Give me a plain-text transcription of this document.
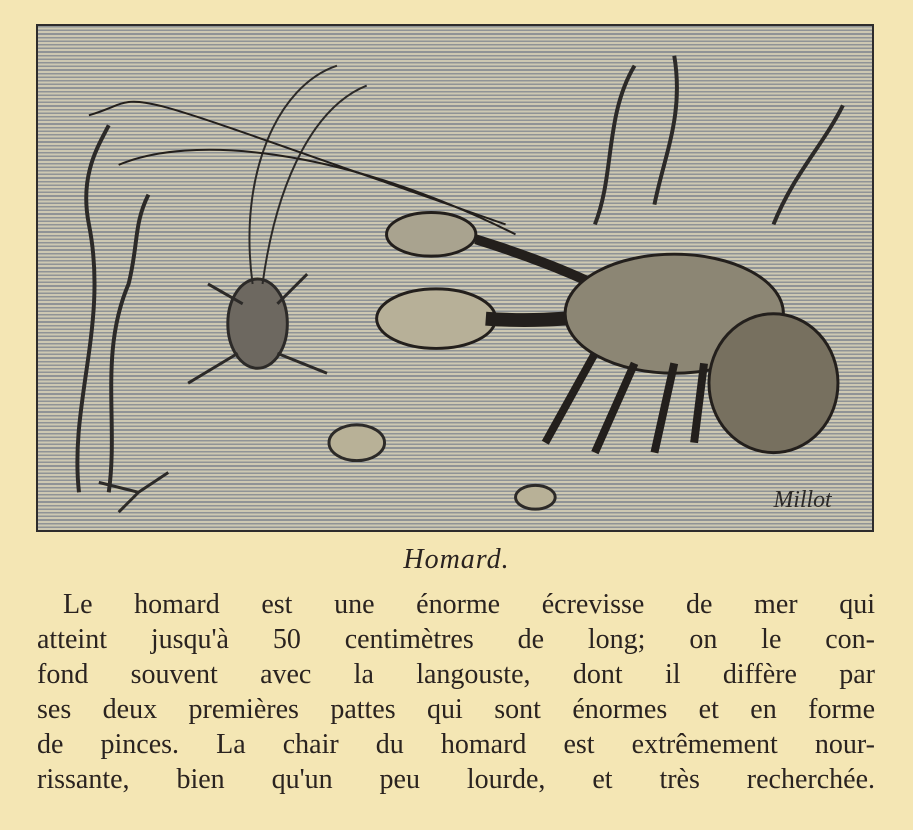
Millot
Homard.
Le homard est une énorme écrevisse de mer qui
atteint jusqu'à 50 centimètres de long; on le con-
fond souvent avec la langouste, dont il diffère par
ses deux premières pattes qui sont énormes et en forme
de pinces. La chair du homard est extrêmement nour-
rissante, bien qu'un peu lourde, et très recherchée.
